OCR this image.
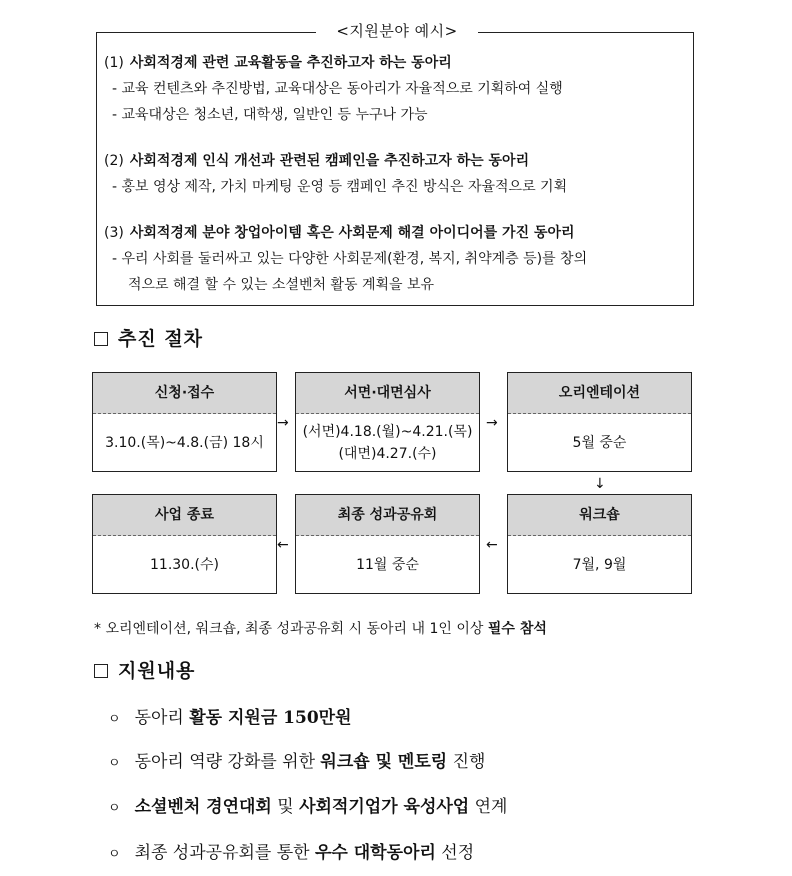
<지원분야 예시>
(1) 사회적경제 관련 교육활동을 추진하고자 하는 동아리
- 교육 컨텐츠와 추진방법, 교육대상은 동아리가 자율적으로 기획하여 실행
- 교육대상은 청소년, 대학생, 일반인 등 누구나 가능
(2) 사회적경제 인식 개선과 관련된 캠페인을 추진하고자 하는 동아리
- 홍보 영상 제작, 가치 마케팅 운영 등 캠페인 추진 방식은 자율적으로 기획
(3) 사회적경제 분야 창업아이템 혹은 사회문제 해결 아이디어를 가진 동아리
- 우리 사회를 둘러싸고 있는 다양한 사회문제(환경, 복지, 취약계층 등)를 창의
적으로 해결 할 수 있는 소셜벤처 활동 계획을 보유
추진 절차
신청·접수
3.10.(목)~4.8.(금) 18시
→
서면·대면심사
(서면)4.18.(월)~4.21.(목)
(대면)4.27.(수)
→
오리엔테이션
5월 중순
↓
사업 종료
11.30.(수)
←
최종 성과공유회
11월 중순
←
워크숍
7월, 9월
* 오리엔테이션, 워크숍, 최종 성과공유회 시 동아리 내 1인 이상 필수 참석
지원내용
ㅇ 동아리 활동 지원금 150만원
ㅇ 동아리 역량 강화를 위한 워크숍 및 멘토링 진행
ㅇ 소셜벤처 경연대회 및 사회적기업가 육성사업 연계
ㅇ 최종 성과공유회를 통한 우수 대학동아리 선정
